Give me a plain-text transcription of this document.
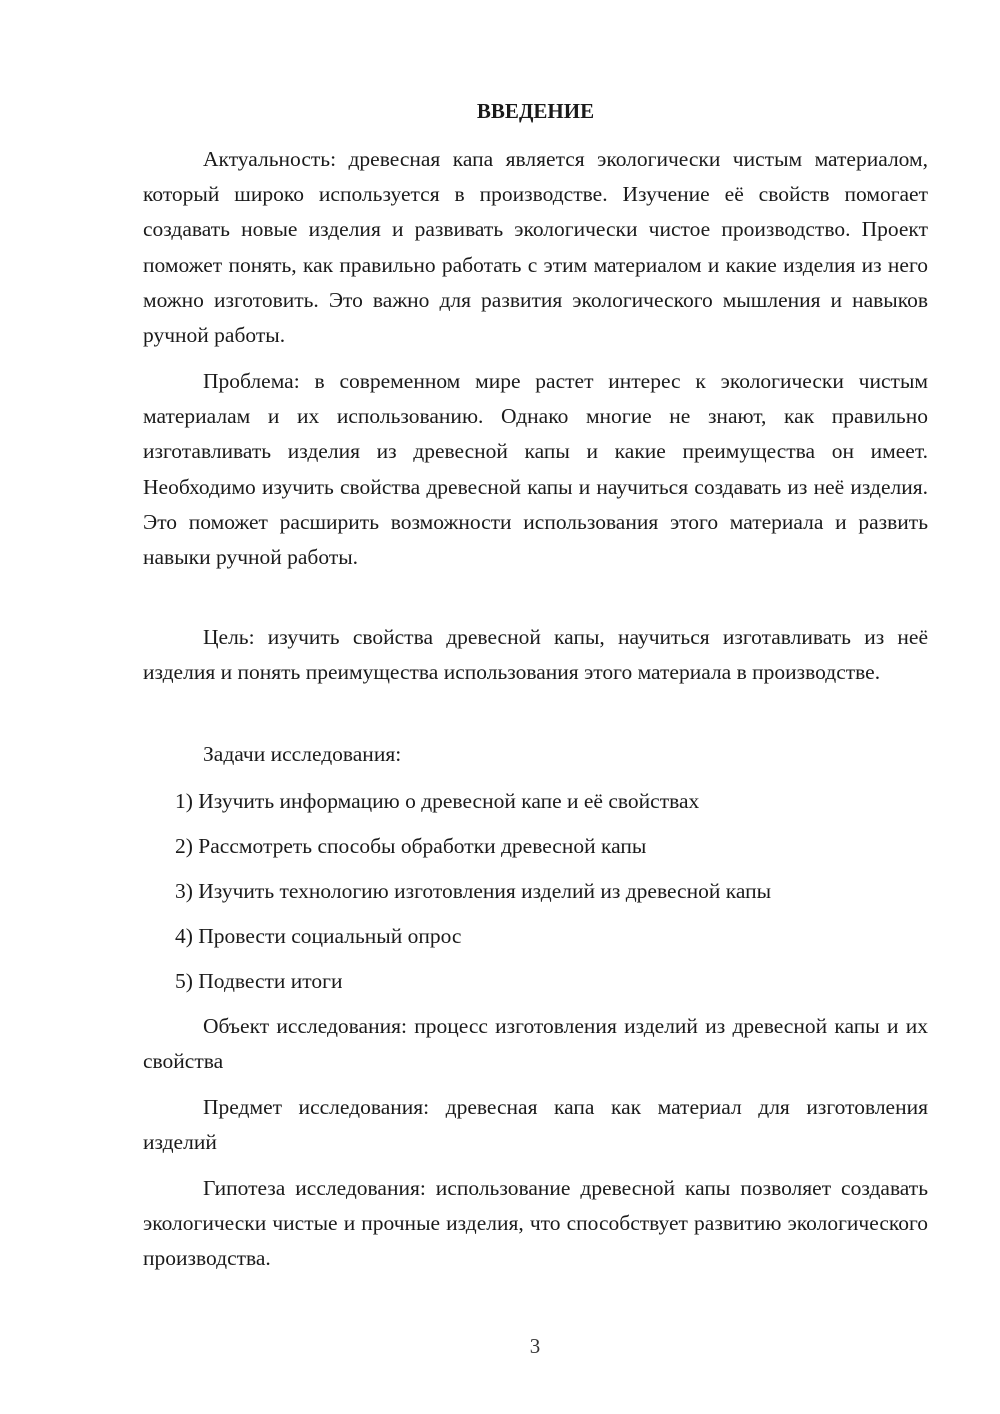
ВВЕДЕНИЕ

Актуальность: древесная капа является экологически чистым материалом, который широко используется в производстве. Изучение её свойств помогает создавать новые изделия и развивать экологически чистое производство. Проект поможет понять, как правильно работать с этим материалом и какие изделия из него можно изготовить. Это важно для развития экологического мышления и навыков ручной работы.

Проблема: в современном мире растет интерес к экологически чистым материалам и их использованию. Однако многие не знают, как правильно изготавливать изделия из древесной капы и какие преимущества он имеет. Необходимо изучить свойства древесной капы и научиться создавать из неё изделия. Это поможет расширить возможности использования этого материала и развить навыки ручной работы.

Цель: изучить свойства древесной капы, научиться изготавливать из неё изделия и понять преимущества использования этого материала в производстве.

Задачи исследования:

1) Изучить информацию о древесной капе и её свойствах

2) Рассмотреть способы обработки древесной капы

3) Изучить технологию изготовления изделий из древесной капы

4) Провести социальный опрос

5) Подвести итоги

Объект исследования: процесс изготовления изделий из древесной капы и их свойства

Предмет исследования: древесная капа как материал для изготовления изделий

Гипотеза исследования: использование древесной капы позволяет создавать экологически чистые и прочные изделия, что способствует развитию экологического производства.

3
